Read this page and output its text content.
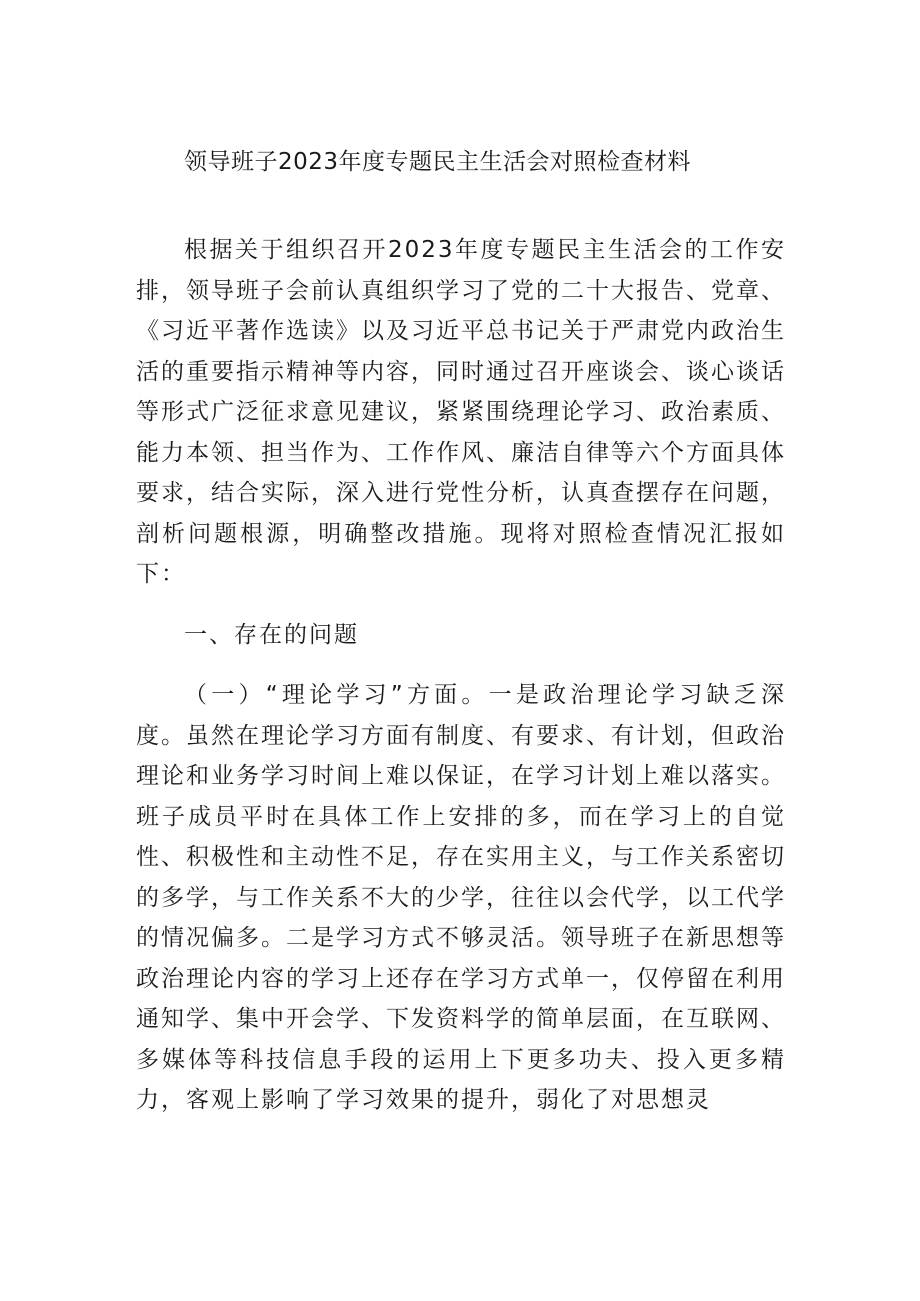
领导班子2023年度专题民主生活会对照检查材料

根据关于组织召开2023年度专题民主生活会的工作安排，领导班子会前认真组织学习了党的二十大报告、党章、《习近平著作选读》以及习近平总书记关于严肃党内政治生活的重要指示精神等内容，同时通过召开座谈会、谈心谈话等形式广泛征求意见建议，紧紧围绕理论学习、政治素质、能力本领、担当作为、工作作风、廉洁自律等六个方面具体要求，结合实际，深入进行党性分析，认真查摆存在问题，剖析问题根源，明确整改措施。现将对照检查情况汇报如下：

一、存在的问题

（一）“理论学习”方面。一是政治理论学习缺乏深度。虽然在理论学习方面有制度、有要求、有计划，但政治理论和业务学习时间上难以保证，在学习计划上难以落实。班子成员平时在具体工作上安排的多，而在学习上的自觉性、积极性和主动性不足，存在实用主义，与工作关系密切的多学，与工作关系不大的少学，往往以会代学，以工代学的情况偏多。二是学习方式不够灵活。领导班子在新思想等政治理论内容的学习上还存在学习方式单一，仅停留在利用通知学、集中开会学、下发资料学的简单层面，在互联网、多媒体等科技信息手段的运用上下更多功夫、投入更多精力，客观上影响了学习效果的提升，弱化了对思想灵
